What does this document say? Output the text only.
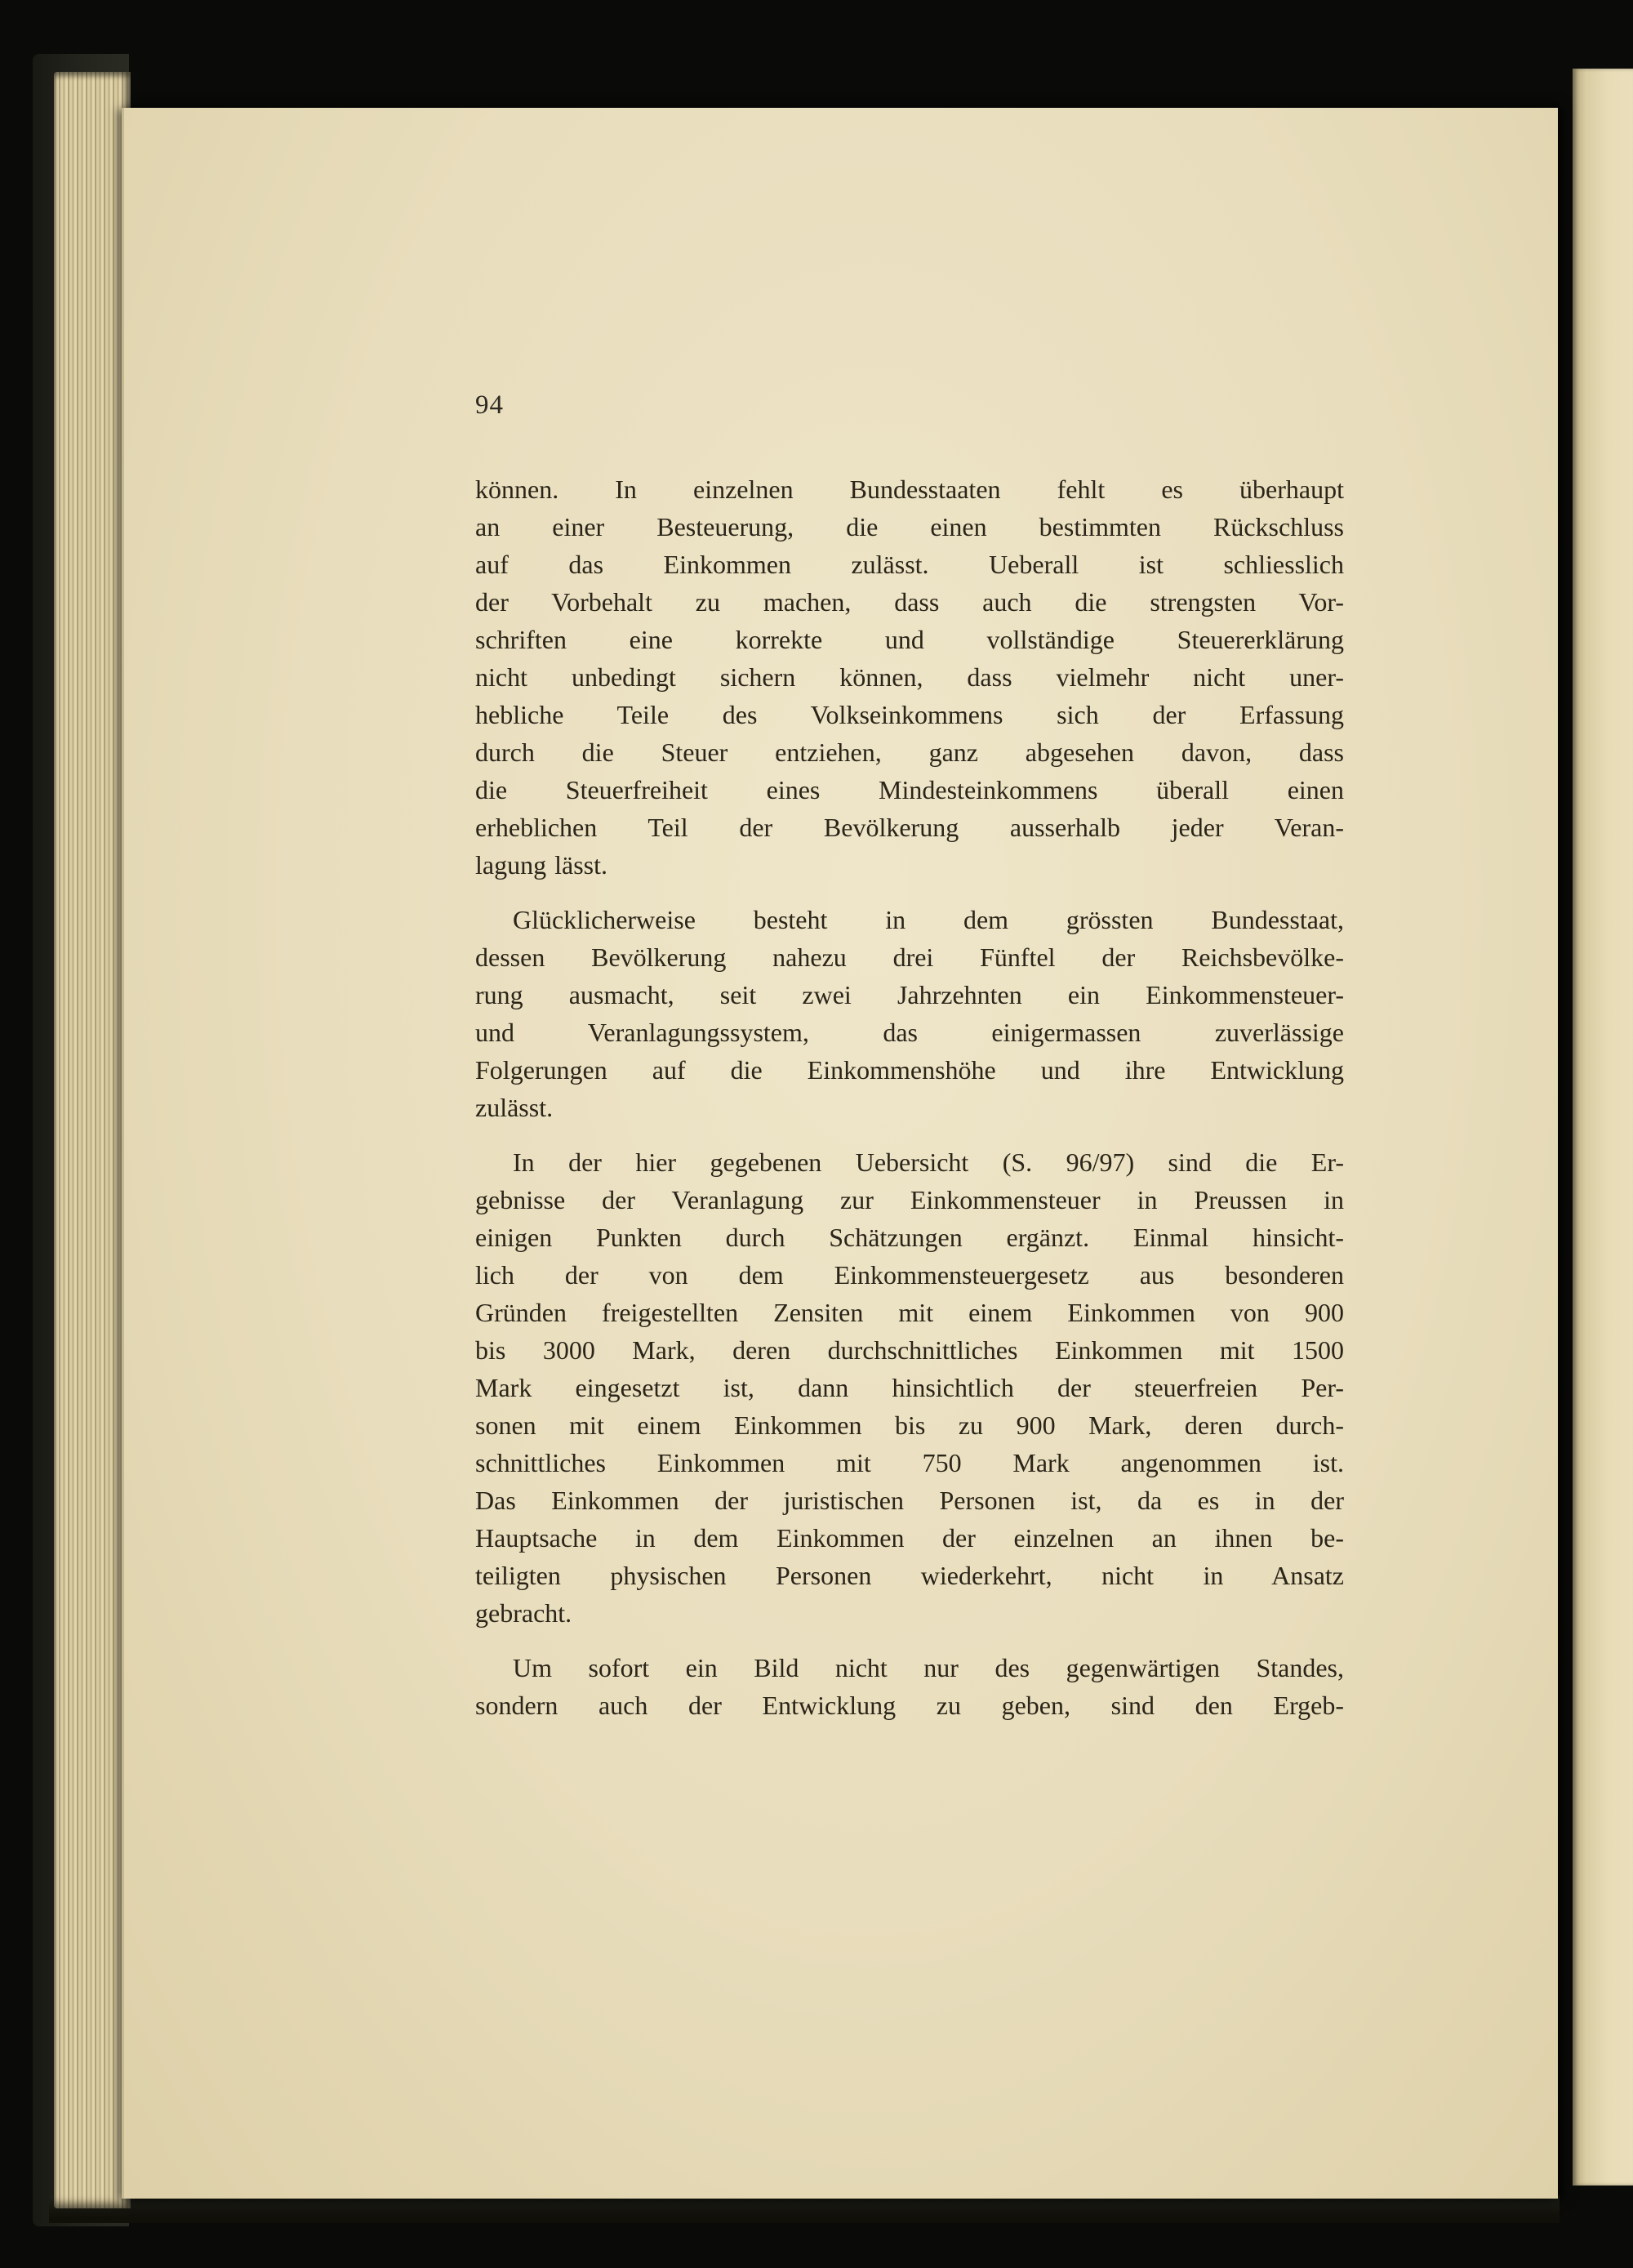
94
können. In einzelnen Bundesstaaten fehlt es überhaupt
an einer Besteuerung, die einen bestimmten Rückschluss
auf das Einkommen zulässt. Ueberall ist schliesslich
der Vorbehalt zu machen, dass auch die strengsten Vor-
schriften eine korrekte und vollständige Steuererklärung
nicht unbedingt sichern können, dass vielmehr nicht uner-
hebliche Teile des Volkseinkommens sich der Erfassung
durch die Steuer entziehen, ganz abgesehen davon, dass
die Steuerfreiheit eines Mindesteinkommens überall einen
erheblichen Teil der Bevölkerung ausserhalb jeder Veran-
lagung lässt.
Glücklicherweise besteht in dem grössten Bundesstaat,
dessen Bevölkerung nahezu drei Fünftel der Reichsbevölke-
rung ausmacht, seit zwei Jahrzehnten ein Einkommensteuer-
und Veranlagungssystem, das einigermassen zuverlässige
Folgerungen auf die Einkommenshöhe und ihre Entwicklung
zulässt.
In der hier gegebenen Uebersicht (S. 96/97) sind die Er-
gebnisse der Veranlagung zur Einkommensteuer in Preussen in
einigen Punkten durch Schätzungen ergänzt. Einmal hinsicht-
lich der von dem Einkommensteuergesetz aus besonderen
Gründen freigestellten Zensiten mit einem Einkommen von 900
bis 3000 Mark, deren durchschnittliches Einkommen mit 1500
Mark eingesetzt ist, dann hinsichtlich der steuerfreien Per-
sonen mit einem Einkommen bis zu 900 Mark, deren durch-
schnittliches Einkommen mit 750 Mark angenommen ist.
Das Einkommen der juristischen Personen ist, da es in der
Hauptsache in dem Einkommen der einzelnen an ihnen be-
teiligten physischen Personen wiederkehrt, nicht in Ansatz
gebracht.
Um sofort ein Bild nicht nur des gegenwärtigen Standes,
sondern auch der Entwicklung zu geben, sind den Ergeb-
